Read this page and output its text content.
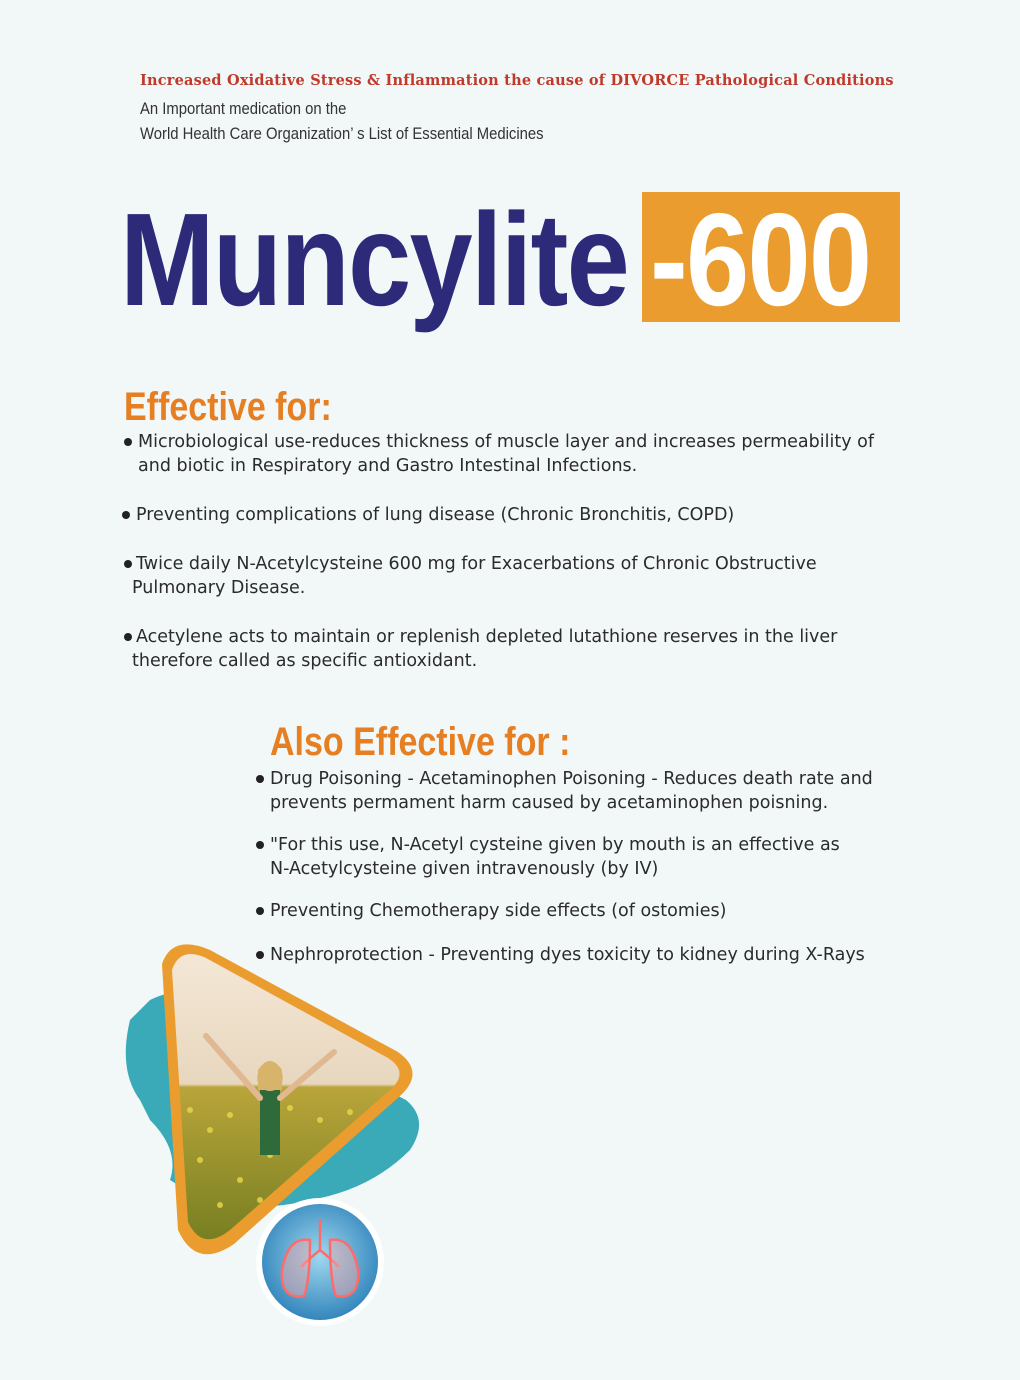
Increased Oxidative Stress & Inflammation the cause of DIVORCE Pathological Conditions
An Important medication on the
World Health Care Organization’ s List of Essential Medicines
Muncylite -600
Effective for:
Microbiological use-reduces thickness of muscle layer and increases permeability of
and biotic in Respiratory and Gastro Intestinal Infections.
Preventing complications of lung disease (Chronic Bronchitis, COPD)
Twice daily N-Acetylcysteine 600 mg for Exacerbations of Chronic Obstructive
Pulmonary Disease.
Acetylene acts to maintain or replenish depleted lutathione reserves in the liver
therefore called as specific antioxidant.
Also Effective for :
Drug Poisoning - Acetaminophen Poisoning - Reduces death rate and
prevents permament harm caused by acetaminophen poisning.
"For this use, N-Acetyl cysteine given by mouth is an effective as
N-Acetylcysteine given intravenously (by IV)
Preventing Chemotherapy side effects (of ostomies)
Nephroprotection - Preventing dyes toxicity to kidney during X-Rays
